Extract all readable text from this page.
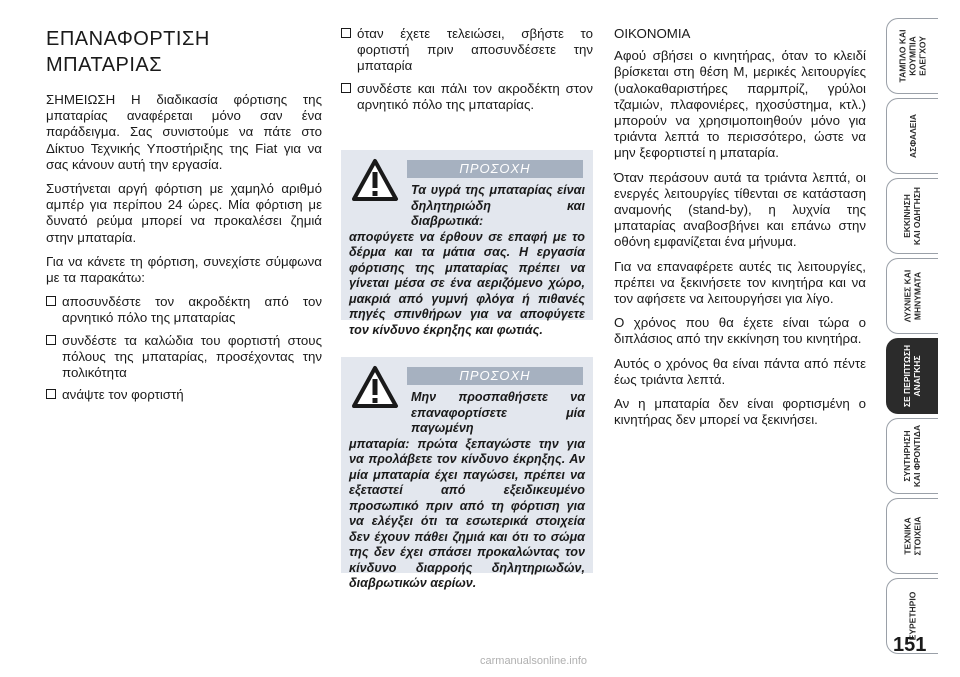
ΕΠΑΝΑΦΟΡΤΙΣΗ
ΜΠΑΤΑΡΙΑΣ

ΣΗΜΕΙΩΣΗ Η διαδικασία φόρτισης της μπαταρίας αναφέρεται μόνο σαν ένα παράδειγμα. Σας συνιστούμε να πάτε στο Δίκτυο Τεχνικής Υποστήριξης της Fiat για να σας κάνουν αυτή την εργασία.

Συστήνεται αργή φόρτιση με χαμηλό αριθμό αμπέρ για περίπου 24 ώρες. Μία φόρτιση με δυνατό ρεύμα μπορεί να προκαλέσει ζημιά στην μπαταρία.

Για να κάνετε τη φόρτιση, συνεχίστε σύμφωνα με τα παρακάτω:

αποσυνδέστε τον ακροδέκτη από τον αρνητικό πόλο της μπαταρίας
συνδέστε τα καλώδια του φορτιστή στους πόλους της μπαταρίας, προσέχοντας την πολικότητα
ανάψτε τον φορτιστή
όταν έχετε τελειώσει, σβήστε το φορτιστή πριν αποσυνδέσετε την μπαταρία
συνδέστε και πάλι τον ακροδέκτη στον αρνητικό πόλο της μπαταρίας.
ΠΡΟΣΟΧΗ
Τα υγρά της μπαταρίας είναι δηλητηριώδη και διαβρωτικά:
αποφύγετε να έρθουν σε επαφή με το δέρμα και τα μάτια σας. Η εργασία φόρτισης της μπαταρίας πρέπει να γίνεται μέσα σε ένα αεριζόμενο χώρο, μακριά από γυμνή φλόγα ή πιθανές πηγές σπινθήρων για να αποφύγετε τον κίνδυνο έκρηξης και φωτιάς.
ΠΡΟΣΟΧΗ
Μην προσπαθήσετε να επαναφορτίσετε μία παγωμένη
μπαταρία: πρώτα ξεπαγώστε την για να προλάβετε τον κίνδυνο έκρηξης. Αν μία μπαταρία έχει παγώσει, πρέπει να εξεταστεί από εξειδικευμένο προσωπικό πριν από τη φόρτιση για να ελέγξει ότι τα εσωτερικά στοιχεία δεν έχουν πάθει ζημιά και ότι το σώμα της δεν έχει σπάσει προκαλώντας τον κίνδυνο διαρροής δηλητηριωδών, διαβρωτικών αερίων.
ΟΙΚΟΝΟΜΙΑ

Αφού σβήσει ο κινητήρας, όταν το κλειδί βρίσκεται στη θέση M, μερικές λειτουργίες (υαλοκαθαριστήρες παρμπρίζ, γρύλοι τζαμιών, πλαφονιέρες, ηχοσύστημα, κτλ.) μπορούν να χρησιμοποιηθούν μόνο για τριάντα λεπτά το περισσότερο, ώστε να μην ξεφορτιστεί η μπαταρία.

Όταν περάσουν αυτά τα τριάντα λεπτά, οι ενεργές λειτουργίες τίθενται σε κατάσταση αναμονής (stand-by), η λυχνία της μπαταρίας αναβοσβήνει και επάνω στην οθόνη εμφανίζεται ένα μήνυμα.

Για να επαναφέρετε αυτές τις λειτουργίες, πρέπει να ξεκινήσετε τον κινητήρα και να τον αφήσετε να λειτουργήσει για λίγο.

Ο χρόνος που θα έχετε είναι τώρα ο διπλάσιος από την εκκίνηση του κινητήρα.

Αυτός ο χρόνος θα είναι πάντα από πέντε έως τριάντα λεπτά.

Αν η μπαταρία δεν είναι φορτισμένη ο κινητήρας δεν μπορεί να ξεκινήσει.

ΤΑΜΠΛΟ ΚΑΙ
ΚΟΥΜΠΙΑ
ΕΛΕΓΧΟΥ
ΑΣΦΑΛΕΙΑ
ΕΚΚΙΝΗΣΗ
ΚΑΙ ΟΔΗΓΗΣΗ
ΛΥΧΝΙΕΣ ΚΑΙ
ΜΗΝΥΜΑΤΑ
ΣΕ ΠΕΡΙΠΤΩΣΗ
ΑΝΑΓΚΗΣ
ΣΥΝΤΗΡΗΣΗ
ΚΑΙ ΦΡΟΝΤΙΔΑ
ΤΕΧΝΙΚΑ
ΣΤΟΙΧΕΙΑ
ΕΥΡΕΤΗΡΙΟ
151
carmanualsonline.info
